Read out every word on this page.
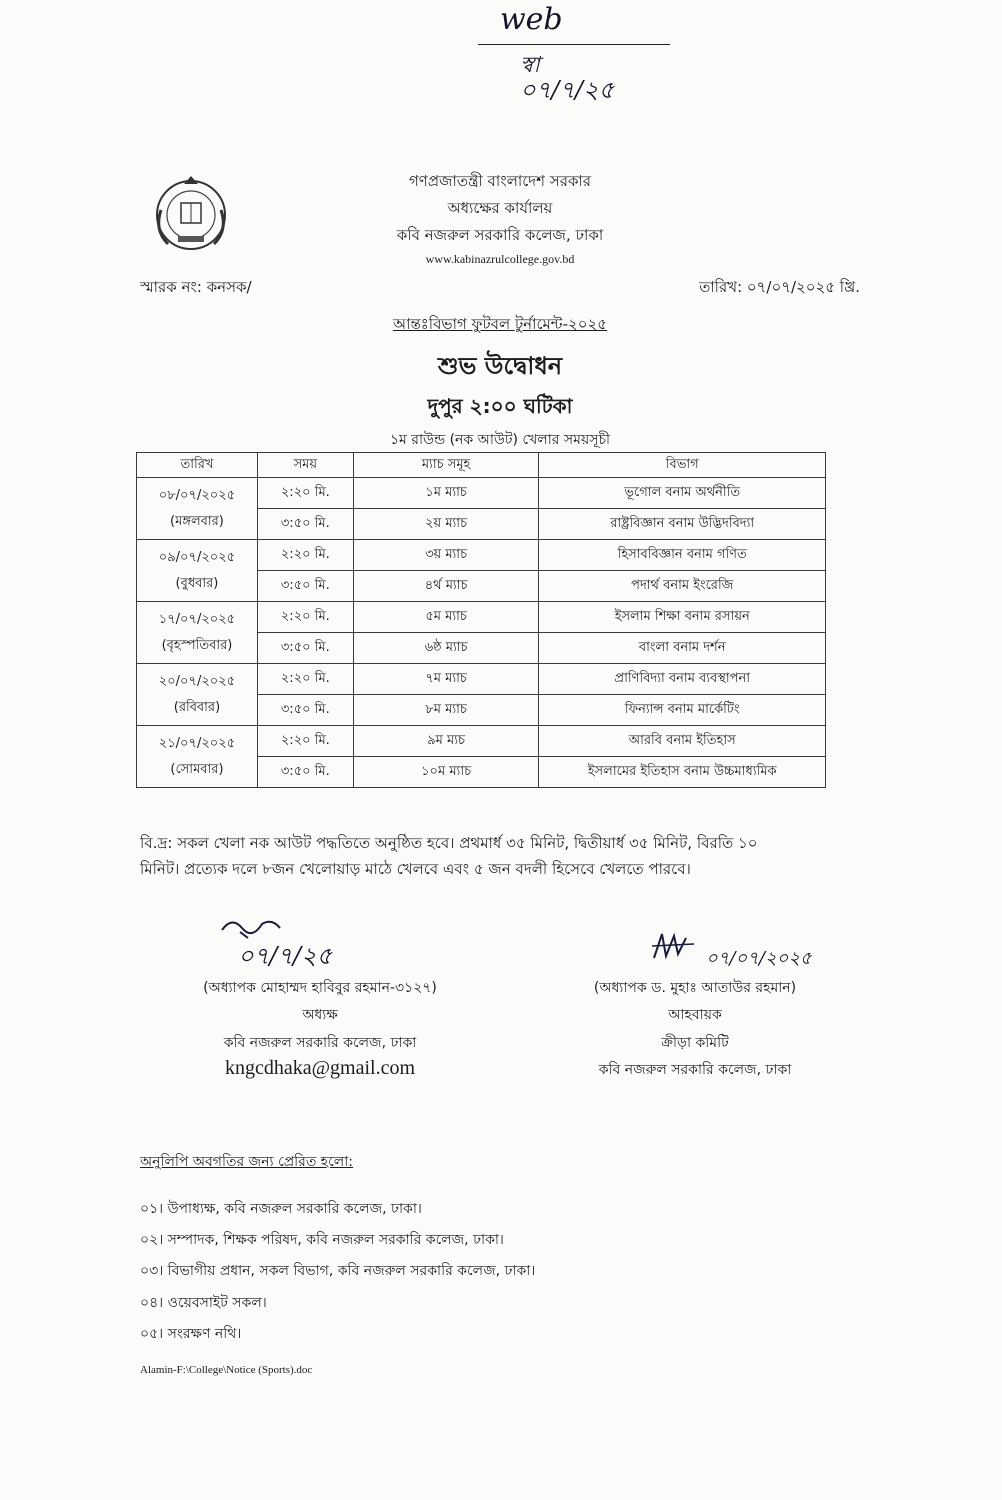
web
স্বা
০৭/৭/২৫
গণপ্রজাতন্ত্রী বাংলাদেশ সরকার
অধ্যক্ষের কার্যালয়
কবি নজরুল সরকারি কলেজ, ঢাকা
www.kabinazrulcollege.gov.bd
স্মারক নং: কনসক/	তারিখ: ০৭/০৭/২০২৫ খ্রি.
আন্তঃবিভাগ ফুটবল টুর্নামেন্ট-২০২৫
শুভ উদ্বোধন
দুপুর ২:০০ ঘটিকা
১ম রাউন্ড (নক আউট) খেলার সময়সূচী
তারিখ	সময়	ম্যাচ সমূহ	বিভাগ

০৮/০৭/২০২৫
(মঙ্গলবার)	২:২০ মি.	১ম ম্যাচ	ভূগোল বনাম অর্থনীতি
	৩:৫০ মি.	২য় ম্যাচ	রাষ্ট্রবিজ্ঞান বনাম উদ্ভিদবিদ্যা

০৯/০৭/২০২৫
(বুধবার)	২:২০ মি.	৩য় ম্যাচ	হিসাববিজ্ঞান বনাম গণিত
	৩:৫০ মি.	৪র্থ ম্যাচ	পদার্থ বনাম ইংরেজি

১৭/০৭/২০২৫
(বৃহস্পতিবার)	২:২০ মি.	৫ম ম্যাচ	ইসলাম শিক্ষা বনাম রসায়ন
	৩:৫০ মি.	৬ষ্ঠ ম্যাচ	বাংলা বনাম দর্শন

২০/০৭/২০২৫
(রবিবার)	২:২০ মি.	৭ম ম্যাচ	প্রাণিবিদ্যা বনাম ব্যবস্থাপনা
	৩:৫০ মি.	৮ম ম্যাচ	ফিন্যান্স বনাম মার্কেটিং

২১/০৭/২০২৫
(সোমবার)	২:২০ মি.	৯ম ম্যচ	আরবি বনাম ইতিহাস
	৩:৫০ মি.	১০ম ম্যাচ	ইসলামের ইতিহাস বনাম উচ্চমাধ্যমিক
বি.দ্র: সকল খেলা নক আউট পদ্ধতিতে অনুষ্ঠিত হবে। প্রথমার্ধ ৩৫ মিনিট, দ্বিতীয়ার্ধ ৩৫ মিনিট, বিরতি ১০
মিনিট। প্রত্যেক দলে ৮জন খেলোয়াড় মাঠে খেলবে এবং ৫ জন বদলী হিসেবে খেলতে পারবে।
০৭/৭/২৫
(অধ্যাপক মোহাম্মদ হাবিবুর রহমান-৩১২৭)
অধ্যক্ষ
কবি নজরুল সরকারি কলেজ, ঢাকা
kngcdhaka@gmail.com
০৭/০৭/২০২৫
(অধ্যাপক ড. মুহাঃ আতাউর রহমান)
আহবায়ক
ক্রীড়া কমিটি
কবি নজরুল সরকারি কলেজ, ঢাকা
অনুলিপি অবগতির জন্য প্রেরিত হলো:
০১। উপাধ্যক্ষ, কবি নজরুল সরকারি কলেজ, ঢাকা।
০২। সম্পাদক, শিক্ষক পরিষদ, কবি নজরুল সরকারি কলেজ, ঢাকা।
০৩। বিভাগীয় প্রধান, সকল বিভাগ, কবি নজরুল সরকারি কলেজ, ঢাকা।
০৪। ওয়েবসাইট সকল।
০৫। সংরক্ষণ নথি।
Alamin-F:\College\Notice (Sports).doc
